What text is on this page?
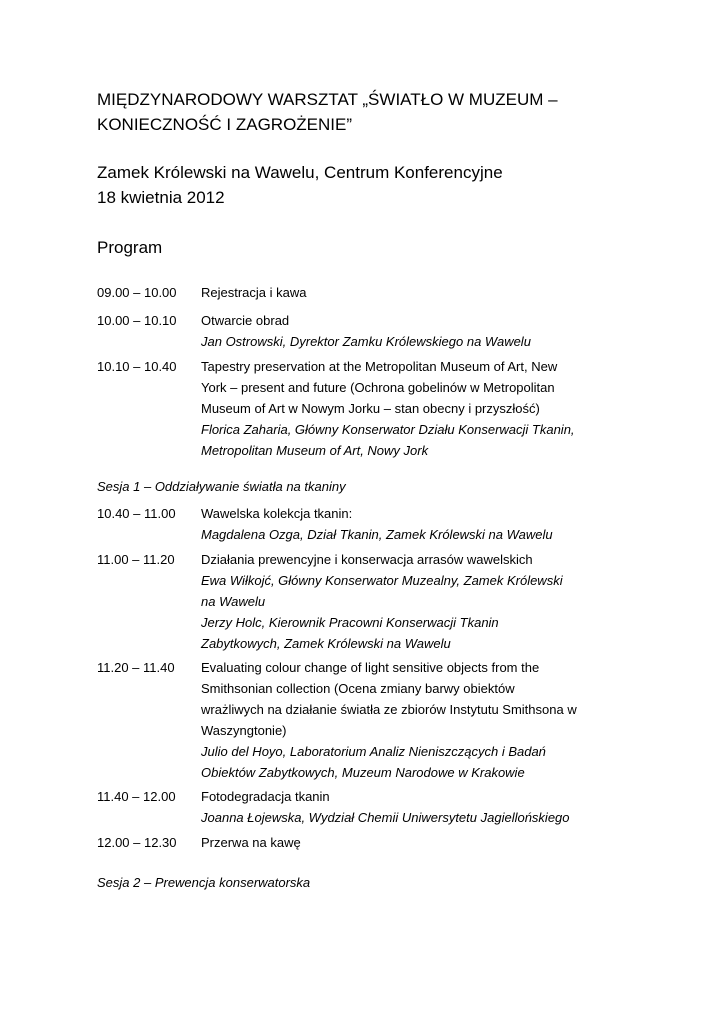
MIĘDZYNARODOWY WARSZTAT „ŚWIATŁO W MUZEUM –
KONIECZNOŚĆ I ZAGROŻENIE”
Zamek Królewski na Wawelu, Centrum Konferencyjne
18 kwietnia 2012
Program
09.00 – 10.00	Rejestracja i kawa
10.00 – 10.10	Otwarcie obrad
Jan Ostrowski, Dyrektor Zamku Królewskiego na Wawelu
10.10 – 10.40	Tapestry preservation at the Metropolitan Museum of Art, New
York – present and future (Ochrona gobelinów w Metropolitan
Museum of Art w Nowym Jorku – stan obecny i przyszłość)
Florica Zaharia, Główny Konserwator Działu Konserwacji Tkanin,
Metropolitan Museum of Art, Nowy Jork
Sesja 1 – Oddziaływanie światła na tkaniny
10.40 – 11.00	Wawelska kolekcja tkanin:
Magdalena Ozga, Dział Tkanin, Zamek Królewski na Wawelu
11.00 – 11.20	Działania prewencyjne i konserwacja arrasów wawelskich
Ewa Wiłkojć, Główny Konserwator Muzealny, Zamek Królewski
na Wawelu
Jerzy Holc, Kierownik Pracowni Konserwacji Tkanin
Zabytkowych, Zamek Królewski na Wawelu
11.20 – 11.40	Evaluating colour change of light sensitive objects from the
Smithsonian collection (Ocena zmiany barwy obiektów
wrażliwych na działanie światła ze zbiorów Instytutu Smithsona w
Waszyngtonie)
Julio del Hoyo, Laboratorium Analiz Nieniszczących i Badań
Obiektów Zabytkowych, Muzeum Narodowe w Krakowie
11.40 – 12.00	Fotodegradacja tkanin
Joanna Łojewska, Wydział Chemii Uniwersytetu Jagiellońskiego
12.00 – 12.30	Przerwa na kawę
Sesja 2 – Prewencja konserwatorska
